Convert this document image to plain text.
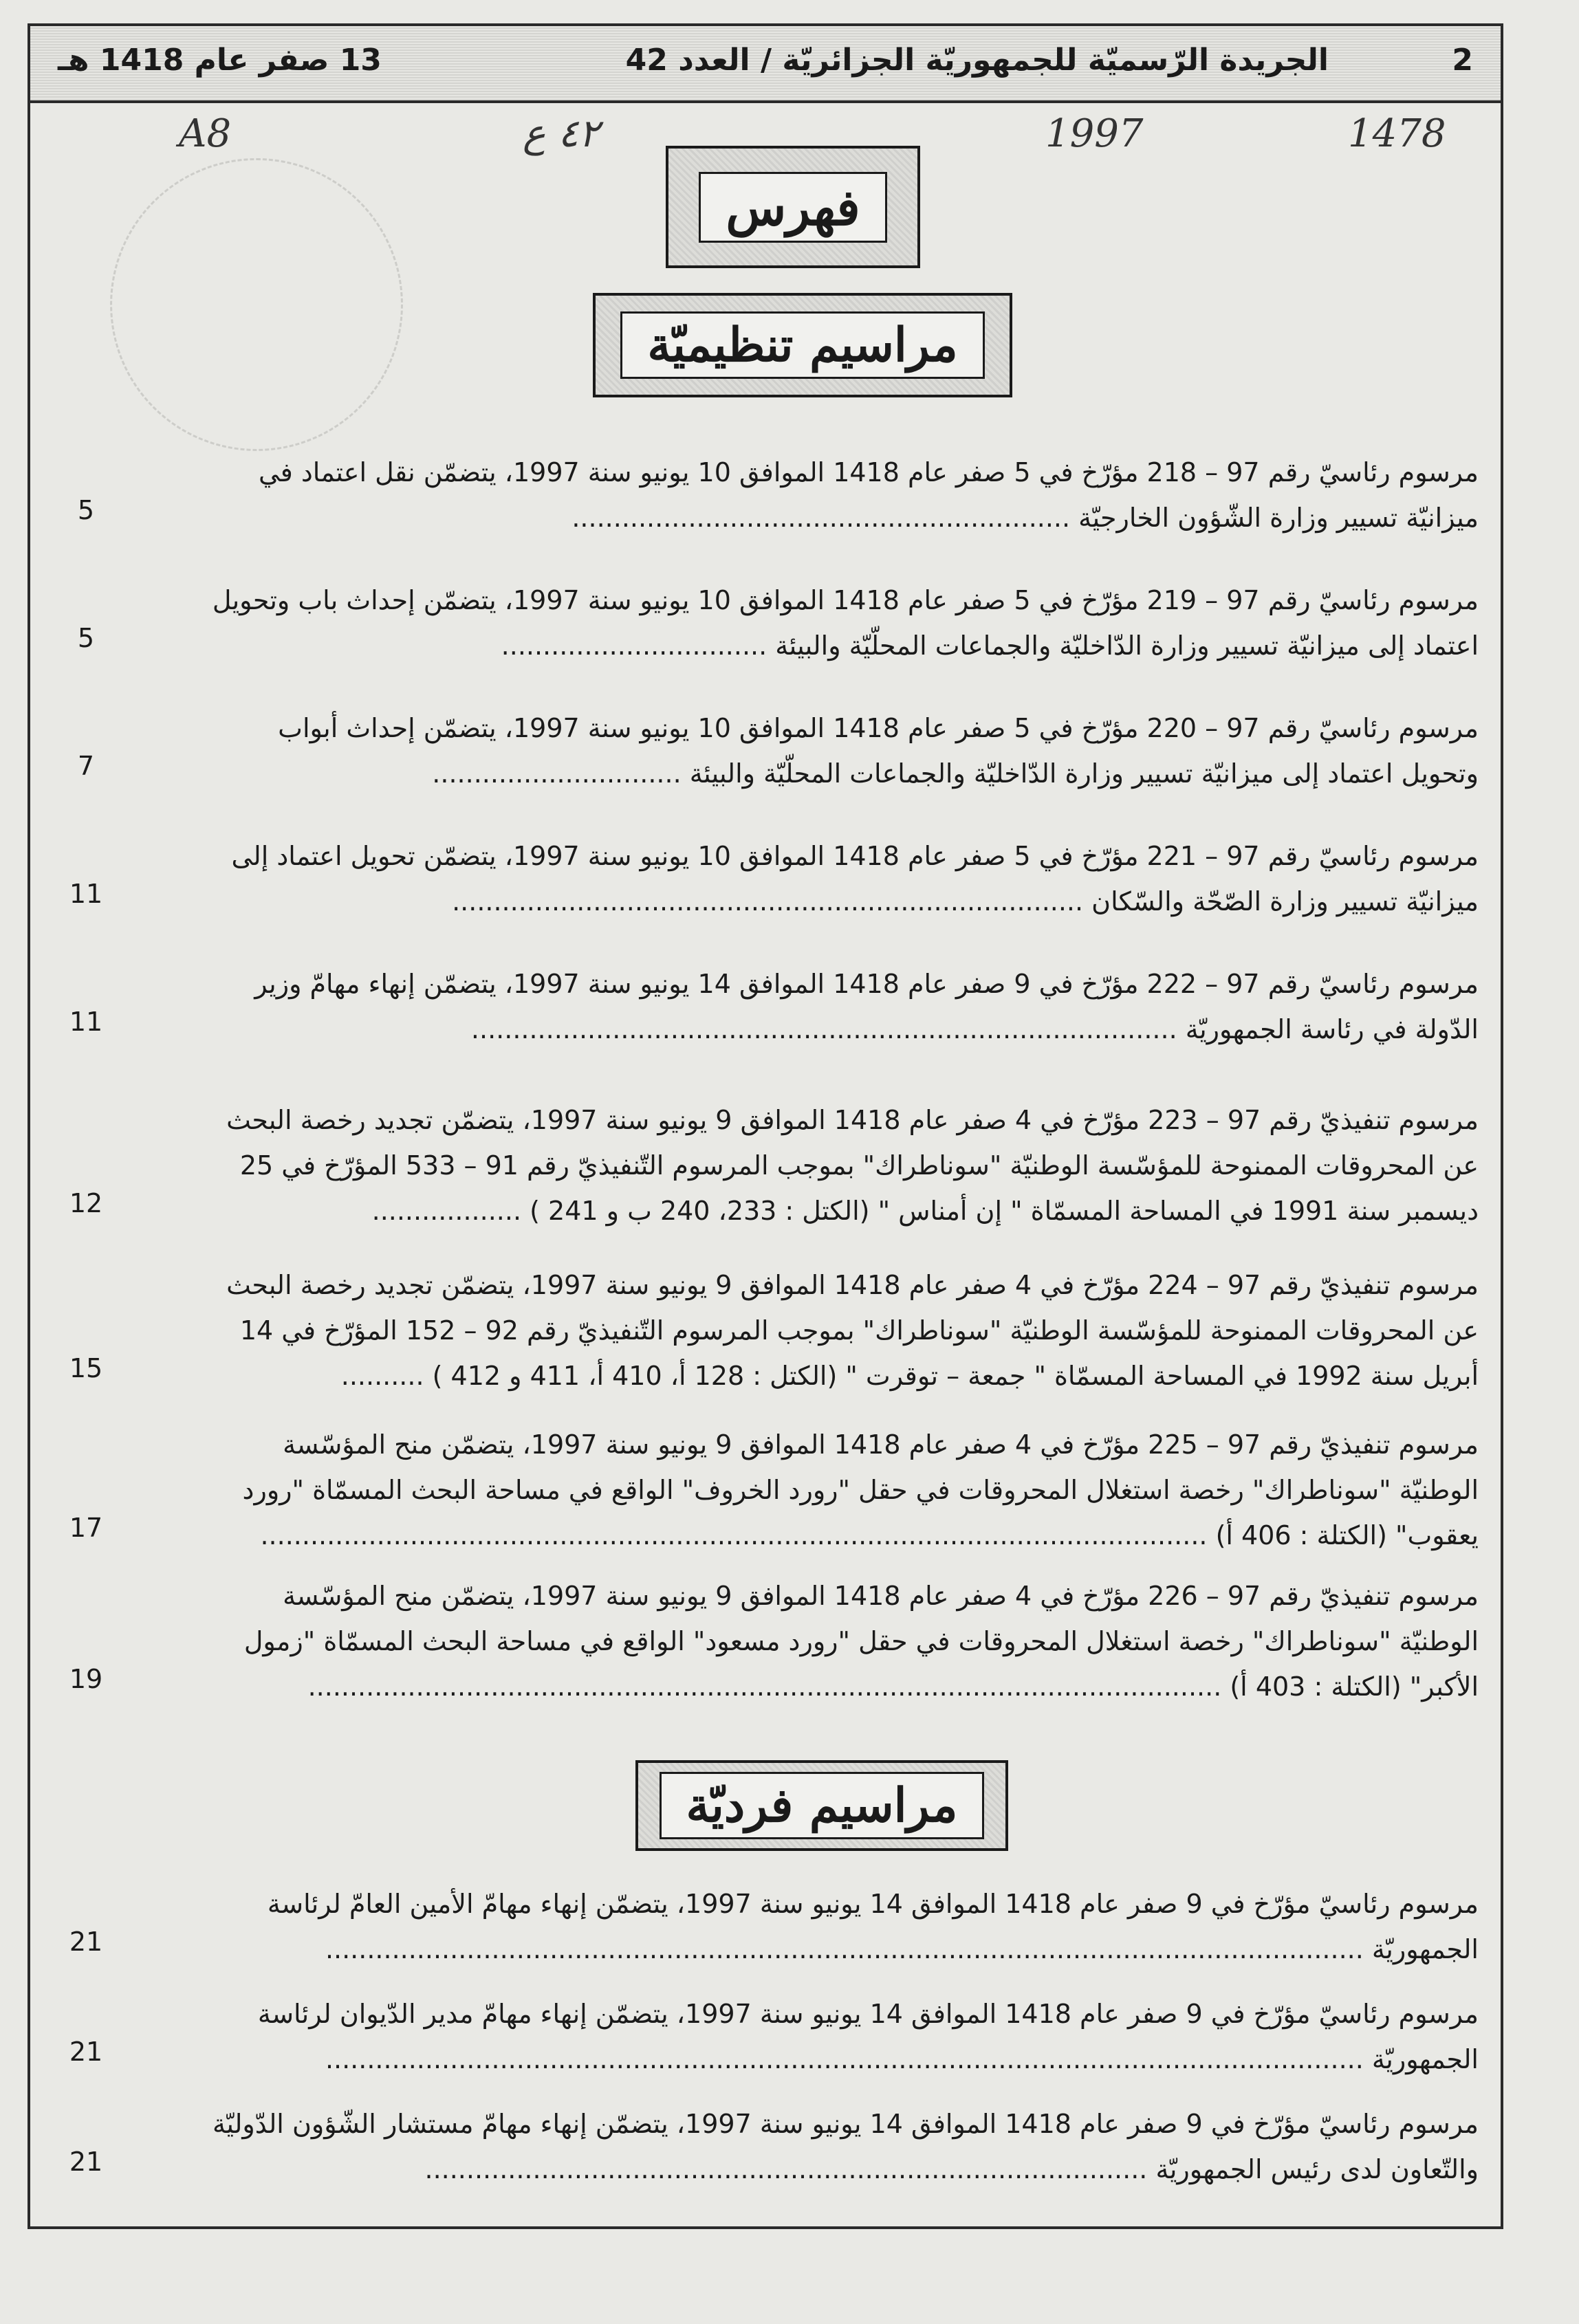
2
الجريدة الرّسميّة للجمهوريّة الجزائريّة / العدد 42
13 صفر عام 1418 هـ
1478
1997
٤٢ ع
A8
فهرس
مراسيم تنظيميّة
مرسوم رئاسيّ رقم 97 – 218 مؤرّخ في 5 صفر عام 1418 الموافق 10 يونيو سنة 1997، يتضمّن نقل اعتماد في
ميزانيّة تسيير وزارة الشّؤون الخارجيّة ............................................................
5
مرسوم رئاسيّ رقم 97 – 219 مؤرّخ في 5 صفر عام 1418 الموافق 10 يونيو سنة 1997، يتضمّن إحداث باب وتحويل
اعتماد إلى ميزانيّة تسيير وزارة الدّاخليّة والجماعات المحلّيّة والبيئة ................................
5
مرسوم رئاسيّ رقم 97 – 220 مؤرّخ في 5 صفر عام 1418 الموافق 10 يونيو سنة 1997، يتضمّن إحداث أبواب
وتحويل اعتماد إلى ميزانيّة تسيير وزارة الدّاخليّة والجماعات المحلّيّة والبيئة ..............................
7
مرسوم رئاسيّ رقم 97 – 221 مؤرّخ في 5 صفر عام 1418 الموافق 10 يونيو سنة 1997، يتضمّن تحويل اعتماد إلى
ميزانيّة تسيير وزارة الصّحّة والسّكان ............................................................................
11
مرسوم رئاسيّ رقم 97 – 222 مؤرّخ في 9 صفر عام 1418 الموافق 14 يونيو سنة 1997، يتضمّن إنهاء مهامّ وزير
الدّولة في رئاسة الجمهوريّة .....................................................................................
11
مرسوم تنفيذيّ رقم 97 – 223 مؤرّخ في 4 صفر عام 1418 الموافق 9 يونيو سنة 1997، يتضمّن تجديد رخصة البحث
عن المحروقات الممنوحة للمؤسّسة الوطنيّة "سوناطراك" بموجب المرسوم التّنفيذيّ رقم 91 – 533 المؤرّخ في 25
ديسمبر سنة 1991 في المساحة المسمّاة " إن أمناس " (الكتل : 233، 240 ب و 241 ) ..................
12
مرسوم تنفيذيّ رقم 97 – 224 مؤرّخ في 4 صفر عام 1418 الموافق 9 يونيو سنة 1997، يتضمّن تجديد رخصة البحث
عن المحروقات الممنوحة للمؤسّسة الوطنيّة "سوناطراك" بموجب المرسوم التّنفيذيّ رقم 92 – 152 المؤرّخ في 14
أبريل سنة 1992 في المساحة المسمّاة " جمعة – توقرت " (الكتل : 128 أ، 410 أ، 411 و 412 ) ..........
15
مرسوم تنفيذيّ رقم 97 – 225 مؤرّخ في 4 صفر عام 1418 الموافق 9 يونيو سنة 1997، يتضمّن منح المؤسّسة
الوطنيّة "سوناطراك" رخصة استغلال المحروقات في حقل "رورد الخروف" الواقع في مساحة البحث المسمّاة "رورد
يعقوب" (الكتلة : 406 أ) ..................................................................................................................
17
مرسوم تنفيذيّ رقم 97 – 226 مؤرّخ في 4 صفر عام 1418 الموافق 9 يونيو سنة 1997، يتضمّن منح المؤسّسة
الوطنيّة "سوناطراك" رخصة استغلال المحروقات في حقل "رورد مسعود" الواقع في مساحة البحث المسمّاة "زمول
الأكبر" (الكتلة : 403 أ) ..............................................................................................................
19
مراسيم فرديّة
مرسوم رئاسيّ مؤرّخ في 9 صفر عام 1418 الموافق 14 يونيو سنة 1997، يتضمّن إنهاء مهامّ الأمين العامّ لرئاسة
الجمهوريّة .............................................................................................................................
21
مرسوم رئاسيّ مؤرّخ في 9 صفر عام 1418 الموافق 14 يونيو سنة 1997، يتضمّن إنهاء مهامّ مدير الدّيوان لرئاسة
الجمهوريّة .............................................................................................................................
21
مرسوم رئاسيّ مؤرّخ في 9 صفر عام 1418 الموافق 14 يونيو سنة 1997، يتضمّن إنهاء مهامّ مستشار الشّؤون الدّوليّة
والتّعاون لدى رئيس الجمهوريّة .......................................................................................
21
